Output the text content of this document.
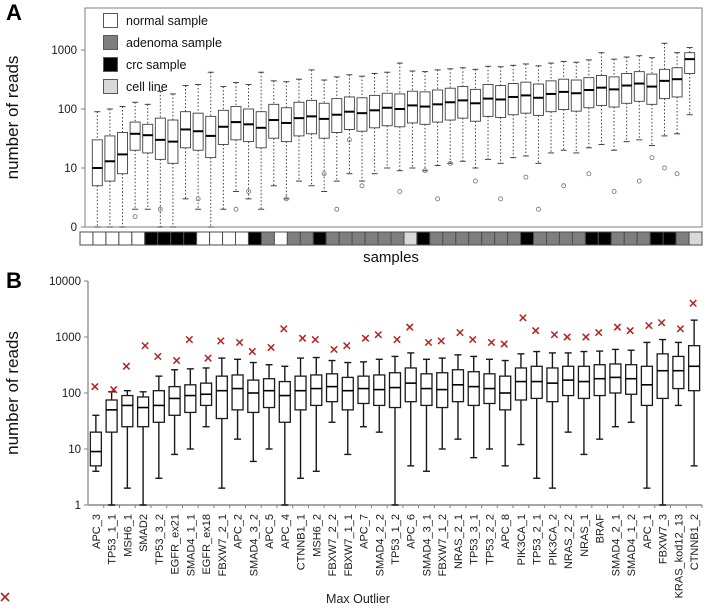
A
1000
100
10
0
number of reads
samples
normal sample
adenoma sample
crc sample
cell line
B 10000
1000
100
10
1
number of reads
APC_3 TP53_1_1 MSH6_1 SMAD2 TP53_3_2 EGFR_ex21 SMAD4_1_1 EGFR_ex18 FBXW7_2_1 APC_2 SMAD4_3_2 APC_5 APC_4 CTNNB1_1 MSH6_2 FBXW7_2_2 FBXW7_1_1 APC_7 SMAD4_2_2 TP53_1_2 APC_6 SMAD4_3_1 FBXW7_1_2 NRAS_2_1 TP53_3_1 TP53_2_2 APC_8 PIK3CA_1 TP53_2_1 PIK3CA_2 NRAS_2_2 NRAS_1 BRAF SMAD4_2_1 SMAD4_1_2 APC_1 FBXW7_3 KRAS_kod12_13 CTNNB1_2
Max Outlier
